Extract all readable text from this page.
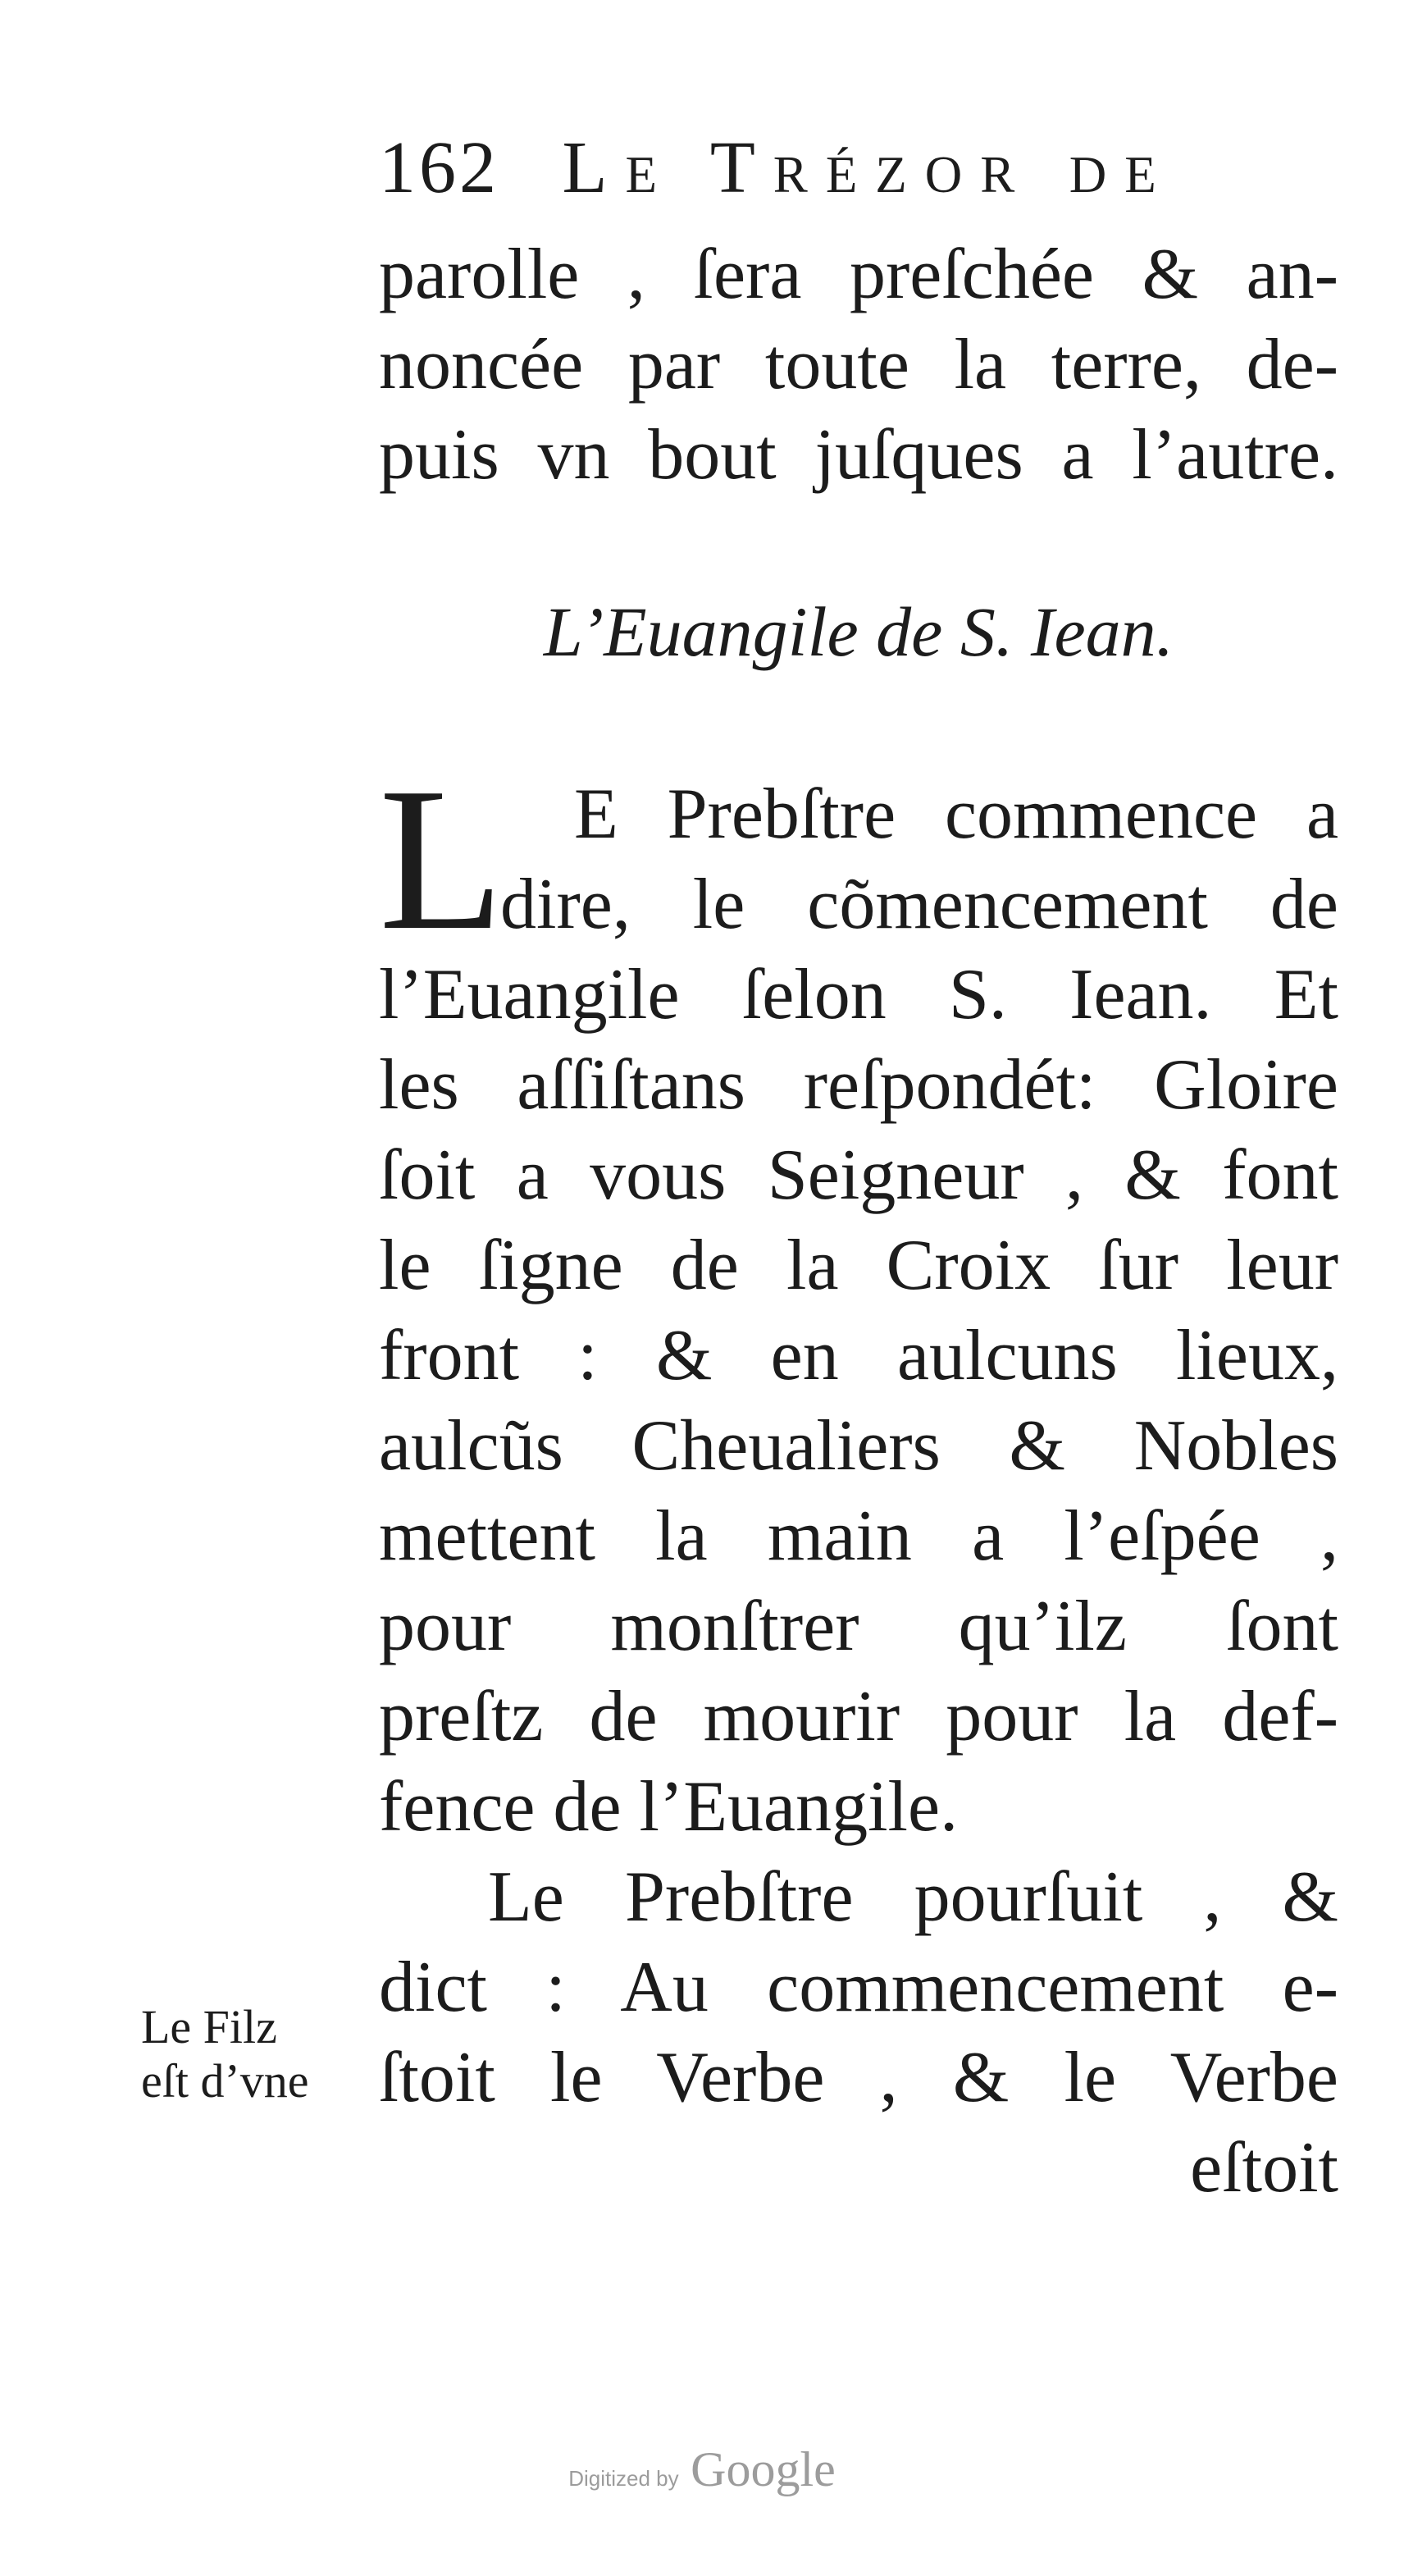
162 Le Trézor de
parolle , ſera preſchée & an-
noncée par toute la terre, de-
puis vn bout juſques a l’autre.
L’Euangile de S. Iean.
L E Prebſtre commence a
dire, le cõmencement de
l’Euangile ſelon S. Iean. Et
les aſſiſtans reſpondét: Gloire
ſoit a vous Seigneur , & font
le ſigne de la Croix ſur leur
front : & en aulcuns lieux,
aulcũs Cheualiers & Nobles
mettent la main a l’eſpée ,
pour monſtrer qu’ilz ſont
preſtz de mourir pour la def-
fence de l’Euangile.
Le Prebſtre pourſuit , &
dict : Au commencement e-
ſtoit le Verbe , & le Verbe
eſtoit
Le Filz
eſt d’vne
Digitized by Google
